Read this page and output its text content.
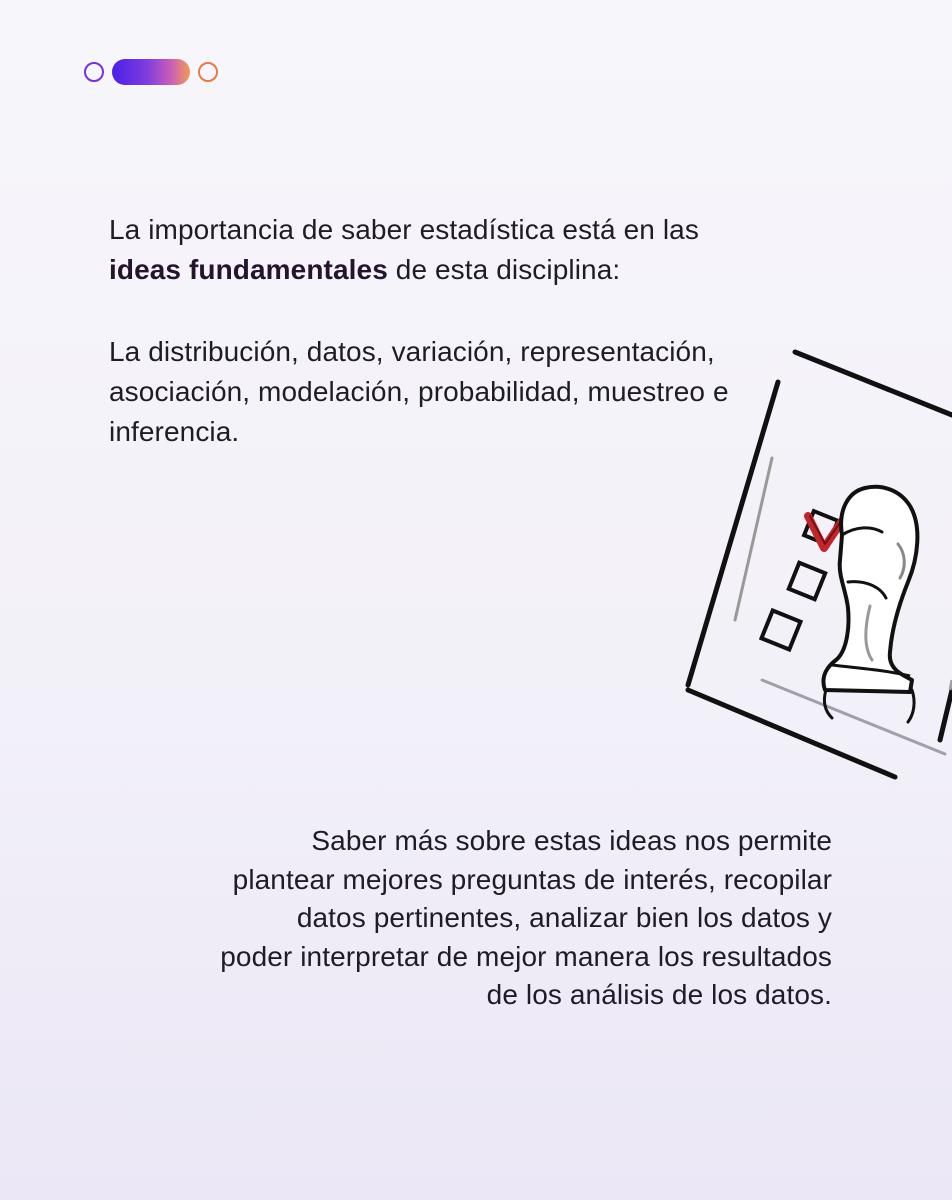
La importancia de saber estadística está en las ideas fundamentales de esta disciplina:

La distribución, datos, variación, representación, asociación, modelación, probabilidad, muestreo e inferencia.

Saber más sobre estas ideas nos permite plantear mejores preguntas de interés, recopilar datos pertinentes, analizar bien los datos y poder interpretar de mejor manera los resultados de los análisis de los datos.
